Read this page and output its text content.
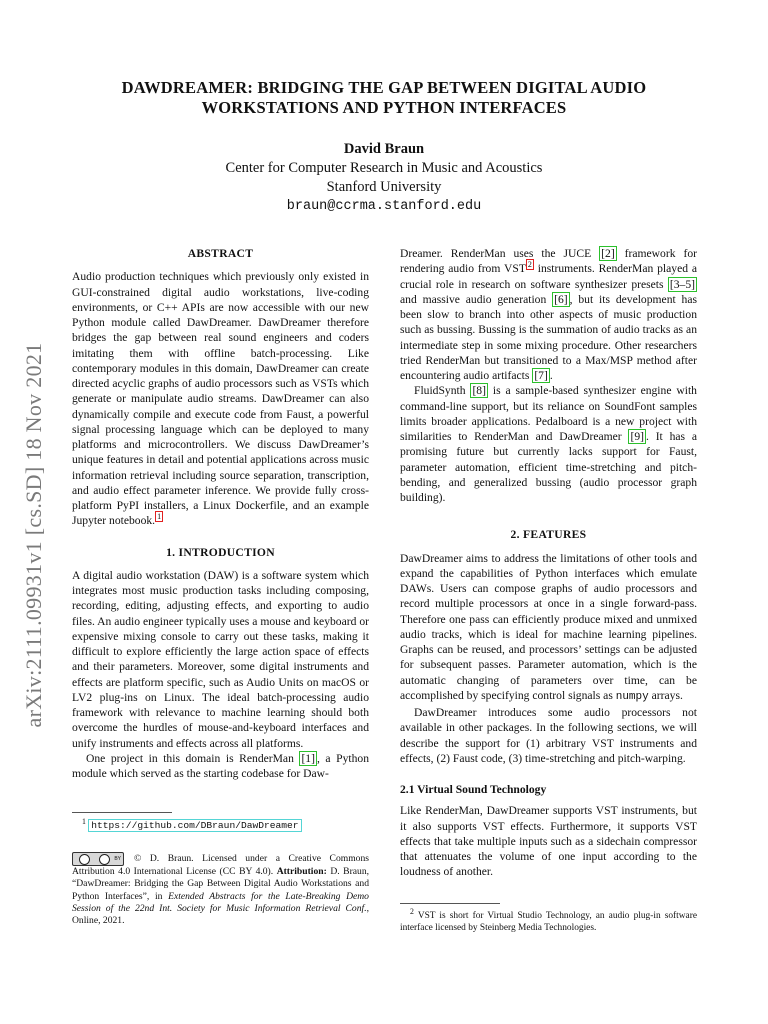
arXiv:2111.09931v1 [cs.SD] 18 Nov 2021
DAWDREAMER: BRIDGING THE GAP BETWEEN DIGITAL AUDIO
WORKSTATIONS AND PYTHON INTERFACES
David Braun
Center for Computer Research in Music and Acoustics
Stanford University
braun@ccrma.stanford.edu
ABSTRACT

Audio production techniques which previously only existed in GUI-constrained digital audio workstations, live-coding environments, or C++ APIs are now accessible with our new Python module called DawDreamer. DawDreamer therefore bridges the gap between real sound engineers and coders imitating them with offline batch-processing. Like contemporary modules in this domain, DawDreamer can create directed acyclic graphs of audio processors such as VSTs which generate or manipulate audio streams. DawDreamer can also dynamically compile and execute code from Faust, a powerful signal processing language which can be deployed to many platforms and microcontrollers. We discuss DawDreamer’s unique features in detail and potential applications across music information retrieval including source separation, transcription, and audio effect parameter inference. We provide fully cross-platform PyPI installers, a Linux Dockerfile, and an example Jupyter notebook. $^1$

1. INTRODUCTION

A digital audio workstation (DAW) is a software system which integrates most music production tasks including composing, recording, editing, adjusting effects, and exporting to audio files. An audio engineer typically uses a mouse and keyboard or expensive mixing console to carry out these tasks, making it difficult to explore efficiently the large action space of effects and their parameters. Moreover, some digital instruments and effects are platform specific, such as Audio Units on macOS or LV2 plug-ins on Linux. The ideal batch-processing audio framework with relevance to machine learning should both overcome the hurdles of mouse-and-keyboard interfaces and unify instruments and effects across all platforms.

One project in this domain is RenderMan [1] , a Python module which served as the starting codebase for Daw-

$^1$ https://github.com/DBraun/DawDreamer
BY © D. Braun. Licensed under a Creative Commons Attribution 4.0 International License (CC BY 4.0). Attribution: D. Braun, “DawDreamer: Bridging the Gap Between Digital Audio Workstations and Python Interfaces”, in Extended Abstracts for the Late-Breaking Demo Session of the 22nd Int. Society for Music Information Retrieval Conf., Online, 2021.

Dreamer. RenderMan uses the JUCE [2] framework for rendering audio from VST $^2$ instruments. RenderMan played a crucial role in research on software synthesizer presets [3–5] and massive audio generation [6] , but its development has been slow to branch into other aspects of music production such as bussing. Bussing is the summation of audio tracks as an intermediate step in some mixing procedure. Other researchers tried RenderMan but transitioned to a Max/MSP method after encountering audio artifacts [7] .

FluidSynth [8] is a sample-based synthesizer engine with command-line support, but its reliance on SoundFont samples limits broader applications. Pedalboard is a new project with similarities to RenderMan and DawDreamer [9] . It has a promising future but currently lacks support for Faust, parameter automation, efficient time-stretching and pitch-bending, and generalized bussing (audio processor graph building).

2. FEATURES

DawDreamer aims to address the limitations of other tools and expand the capabilities of Python interfaces which emulate DAWs. Users can compose graphs of audio processors and record multiple processors at once in a single forward-pass. Therefore one pass can efficiently produce mixed and unmixed audio tracks, which is ideal for machine learning pipelines. Graphs can be reused, and processors’ settings can be adjusted for subsequent passes. Parameter automation, which is the automatic changing of parameters over time, can be accomplished by specifying control signals as numpy arrays.

DawDreamer introduces some audio processors not available in other packages. In the following sections, we will describe the support for (1) arbitrary VST instruments and effects, (2) Faust code, (3) time-stretching and pitch-warping.

2.1 Virtual Sound Technology

Like RenderMan, DawDreamer supports VST instruments, but it also supports VST effects. Furthermore, it supports VST effects that take multiple inputs such as a sidechain compressor that attenuates the volume of one input according to the loudness of another.

$^2$ VST is short for Virtual Studio Technology, an audio plug-in software interface licensed by Steinberg Media Technologies.
